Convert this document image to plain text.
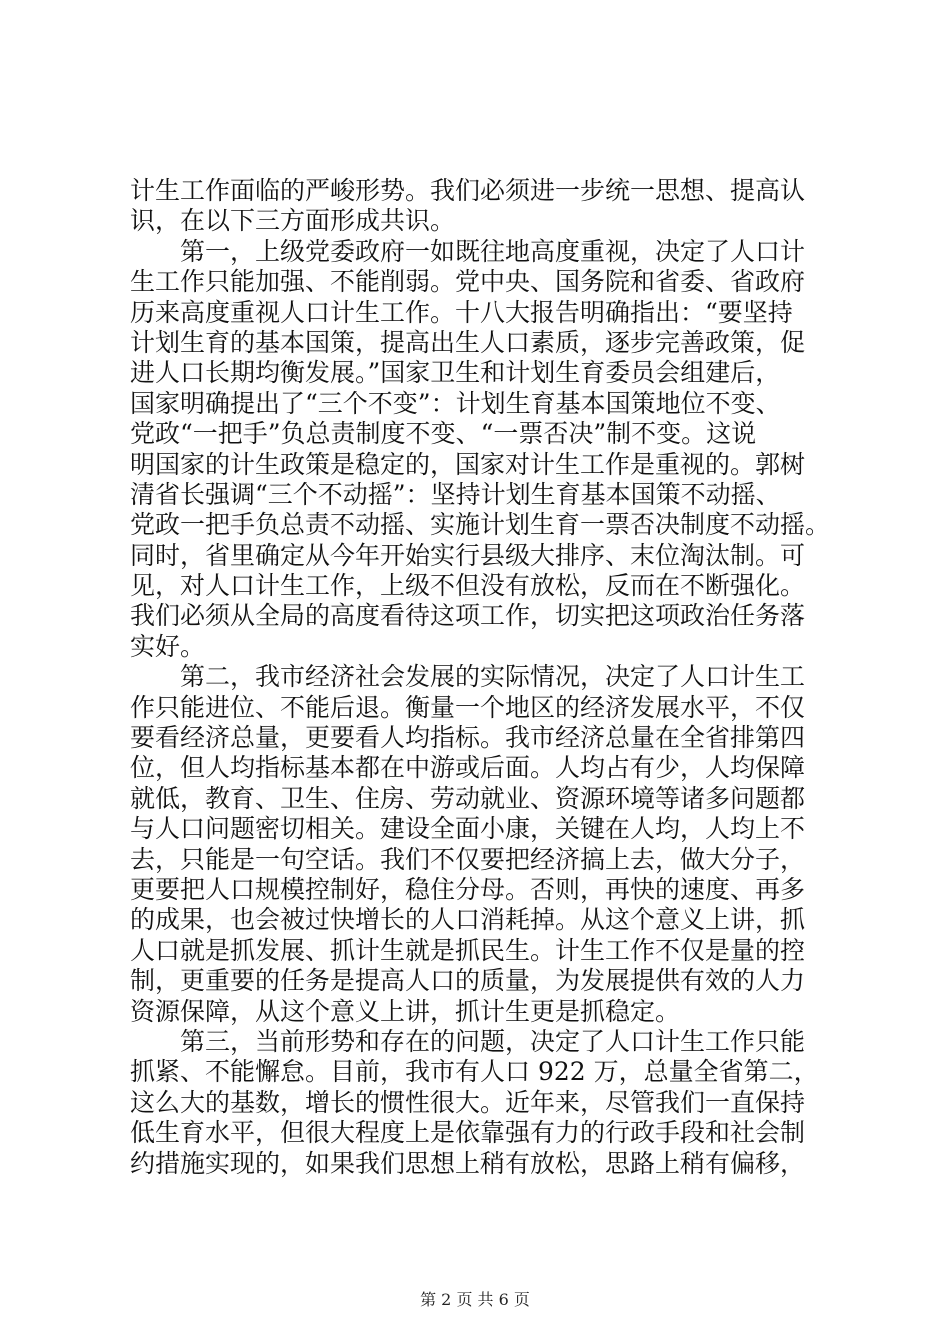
计生工作面临的严峻形势。我们必须进一步统一思想、提高认
识，在以下三方面形成共识。
　　第一，上级党委政府一如既往地高度重视，决定了人口计
生工作只能加强、不能削弱。党中央、国务院和省委、省政府
历来高度重视人口计生工作。十八大报告明确指出：“要坚持
计划生育的基本国策，提高出生人口素质，逐步完善政策，促
进人口长期均衡发展。”国家卫生和计划生育委员会组建后，
国家明确提出了“三个不变”：计划生育基本国策地位不变、
党政“一把手”负总责制度不变、“一票否决”制不变。这说
明国家的计生政策是稳定的，国家对计生工作是重视的。郭树
清省长强调“三个不动摇”：坚持计划生育基本国策不动摇、
党政一把手负总责不动摇、实施计划生育一票否决制度不动摇。
同时，省里确定从今年开始实行县级大排序、末位淘汰制。可
见，对人口计生工作，上级不但没有放松，反而在不断强化。
我们必须从全局的高度看待这项工作，切实把这项政治任务落
实好。
　　第二，我市经济社会发展的实际情况，决定了人口计生工
作只能进位、不能后退。衡量一个地区的经济发展水平，不仅
要看经济总量，更要看人均指标。我市经济总量在全省排第四
位，但人均指标基本都在中游或后面。人均占有少，人均保障
就低，教育、卫生、住房、劳动就业、资源环境等诸多问题都
与人口问题密切相关。建设全面小康，关键在人均，人均上不
去，只能是一句空话。我们不仅要把经济搞上去，做大分子，
更要把人口规模控制好，稳住分母。否则，再快的速度、再多
的成果，也会被过快增长的人口消耗掉。从这个意义上讲，抓
人口就是抓发展、抓计生就是抓民生。计生工作不仅是量的控
制，更重要的任务是提高人口的质量，为发展提供有效的人力
资源保障，从这个意义上讲，抓计生更是抓稳定。
　　第三，当前形势和存在的问题，决定了人口计生工作只能
抓紧、不能懈怠。目前，我市有人口 922 万，总量全省第二，
这么大的基数，增长的惯性很大。近年来，尽管我们一直保持
低生育水平，但很大程度上是依靠强有力的行政手段和社会制
约措施实现的，如果我们思想上稍有放松，思路上稍有偏移，
第 2 页 共 6 页
